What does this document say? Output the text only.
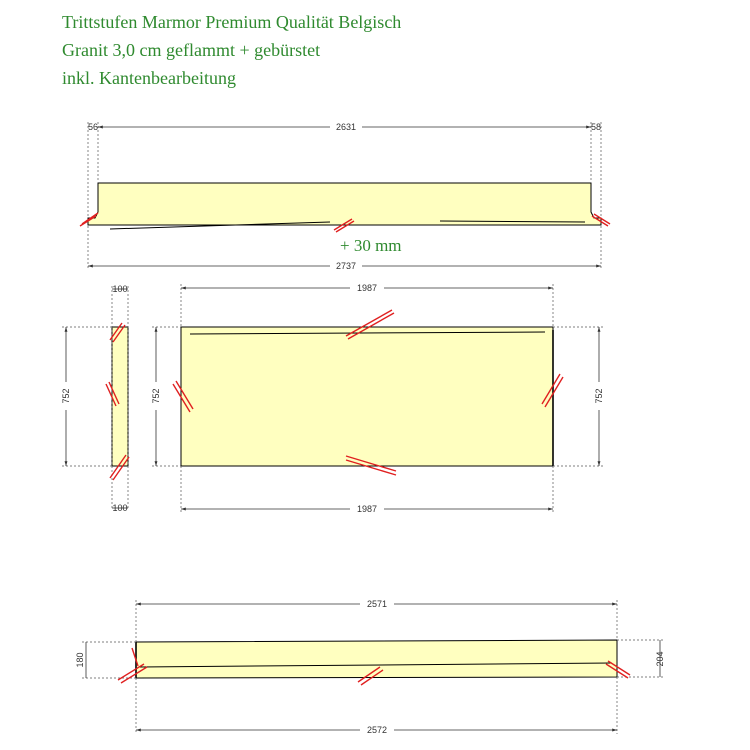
Trittstufen Marmor Premium Qualität Belgisch
Granit 3,0 cm geflammt + gebürstet
inkl. Kantenbearbeitung
2631
56	58
2737
+ 30 mm
100
100
752	752	752
1987
1987
2571
2572
180	204
